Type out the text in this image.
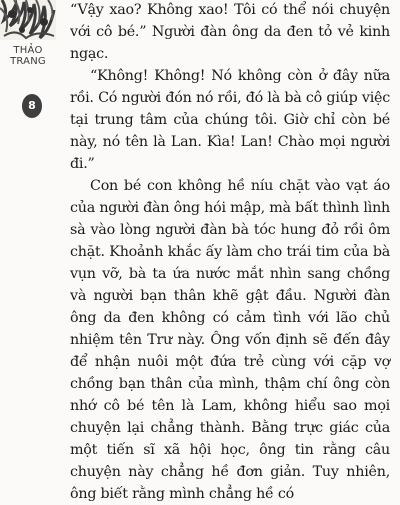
THẢO
TRANG
8

“Vậy xao? Không xao! Tôi có thể nói chuyện với cô bé.” Người đàn ông da đen tỏ vẻ kinh ngạc.

“Không! Không! Nó không còn ở đây nữa rồi. Có người đón nó rồi, đó là bà cô giúp việc tại trung tâm của chúng tôi. Giờ chỉ còn bé này, nó tên là Lan. Kìa! Lan! Chào mọi người đi.”

Con bé con không hề níu chặt vào vạt áo của người đàn ông hói mập, mà bất thình lình sà vào lòng người đàn bà tóc hung đỏ rồi ôm chặt. Khoảnh khắc ấy làm cho trái tim của bà vụn vỡ, bà ta ứa nước mắt nhìn sang chồng và người bạn thân khẽ gật đầu. Người đàn ông da đen không có cảm tình với lão chủ nhiệm tên Trư này. Ông vốn định sẽ đến đây để nhận nuôi một đứa trẻ cùng với cặp vợ chồng bạn thân của mình, thậm chí ông còn nhớ cô bé tên là Lam, không hiểu sao mọi chuyện lại chẳng thành. Bằng trực giác của một tiến sĩ xã hội học, ông tin rằng câu chuyện này chẳng hề đơn giản. Tuy nhiên, ông biết rằng mình chẳng hề có
